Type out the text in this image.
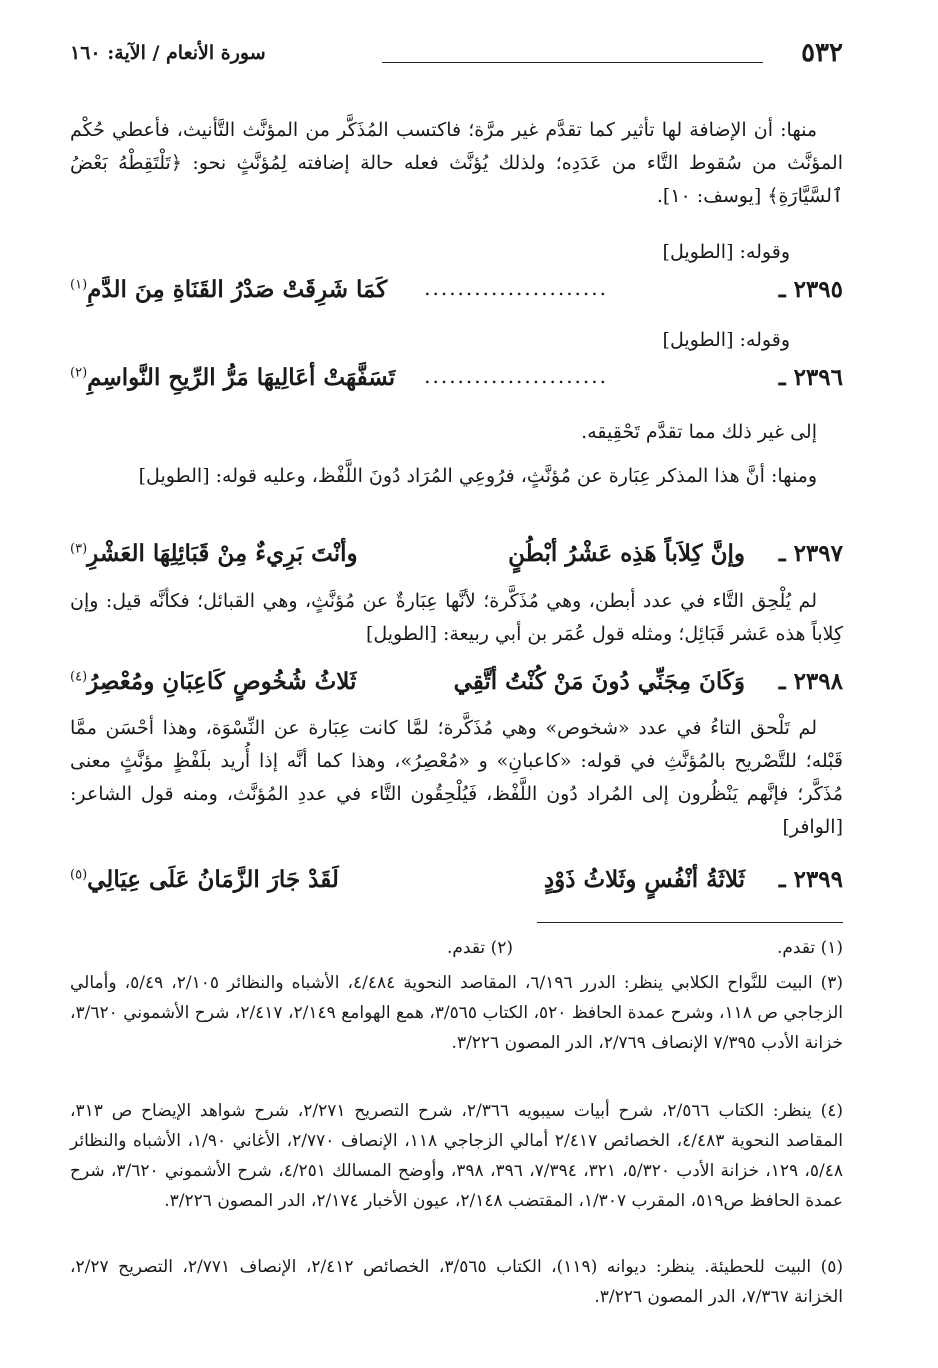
٥٣٢
سورة الأنعام / الآية: ١٦٠

منها: أن الإضافة لها تأثير كما تقدَّم غير مرَّة؛ فاكتسب المُذَكَّر من المؤنَّث التَّأنيث، فأعطي حُكْم المؤنَّث من سُقوط التَّاء من عَدَدِه؛ ولذلك يُؤنَّث فعله حالة إضافته لِمُؤنَّثٍ نحو: ﴿تَلْتَقِطْهُ بَعْضُ ٱلسَّيَّارَةِ﴾ [يوسف: ١٠].

وقوله: [الطويل]
٢٣٩٥ ـ
......................
كَمَا شَرِقَتْ صَدْرُ القَنَاةِ مِنَ الدَّمِ$^{(١)}$
وقوله: [الطويل]
٢٣٩٦ ـ
......................
تَسَفَّهَتْ أعَالِيهَا مَرُّ الرِّيحِ النَّواسِمِ$^{(٢)}$

إلى غير ذلك مما تقدَّم تَحْقِيقه.

ومنها: أنَّ هذا المذكر عِبَارة عن مُؤنَّثٍ، فرُوعِي المُرَاد دُونَ اللَّفْظ، وعليه قوله: [الطويل]

٢٣٩٧ ـ
وإنَّ كِلاَباً هَذِه عَشْرُ أبْطُنٍ
وأنْتَ بَرِيءٌ مِنْ قَبَائِلِهَا العَشْرِ$^{(٣)}$

لم يُلْحِق التَّاء في عدد أبطن، وهي مُذَكَّرة؛ لأنَّها عِبَارةٌ عن مُؤنَّثٍ، وهي القبائل؛ فكأنَّه قيل: وإن كِلاباً هذه عَشر قَبَائِل؛ ومثله قول عُمَر بن أبي ربيعة: [الطويل]

٢٣٩٨ ـ
وَكَانَ مِجَنِّي دُونَ مَنْ كُنْتُ أتَّقِي
ثَلاثُ شُخُوصٍ كَاعِبَانِ ومُعْصِرُ$^{(٤)}$

لم تَلْحق التاءُ في عدد «شخوص» وهي مُذَكَّرة؛ لمَّا كانت عِبَارة عن النِّسْوَة، وهذا أحْسَن ممَّا قَبْله؛ للتَّصْريح بالمُؤنَّثِ في قوله: «كاعبانِ» و «مُعْصِرُ»، وهذا كما أنَّه إذا أُريد بلَفْظٍ مؤنَّثٍ معنى مُذَكَّر؛ فإنَّهم يَنْظُرون إلى المُراد دُون اللَّفْظ، فَيُلْحِقُون التَّاء في عددِ المُؤنَّث، ومنه قول الشاعر: [الوافر]

٢٣٩٩ ـ
ثَلاثَةُ أنْفُسٍ وثَلاثُ ذَوْدٍ
لَقَدْ جَارَ الزَّمَانُ عَلَى عِيَالِي$^{(٥)}$
(١) تقدم.
(٢) تقدم.

(٣) البيت للنَّواح الكلابي ينظر: الدرر ٦/١٩٦، المقاصد النحوية ٤/٤٨٤، الأشباه والنظائر ٢/١٠٥، ٥/٤٩، وأمالي الزجاجي ص ١١٨، وشرح عمدة الحافظ ٥٢٠، الكتاب ٣/٥٦٥، همع الهوامع ٢/١٤٩، ٢/٤١٧، شرح الأشموني ٣/٦٢٠، خزانة الأدب ٧/٣٩٥ الإنصاف ٢/٧٦٩، الدر المصون ٣/٢٢٦.

(٤) ينظر: الكتاب ٢/٥٦٦، شرح أبيات سيبويه ٢/٣٦٦، شرح التصريح ٢/٢٧١، شرح شواهد الإيضاح ص ٣١٣، المقاصد النحوية ٤/٤٨٣، الخصائص ٢/٤١٧ أمالي الزجاجي ١١٨، الإنصاف ٢/٧٧٠، الأغاني ١/٩٠، الأشباه والنظائر ٥/٤٨، ١٢٩، خزانة الأدب ٥/٣٢٠، ٣٢١، ٧/٣٩٤، ٣٩٦، ٣٩٨، وأوضح المسالك ٤/٢٥١، شرح الأشموني ٣/٦٢٠، شرح عمدة الحافظ ص٥١٩، المقرب ١/٣٠٧، المقتضب ٢/١٤٨، عيون الأخبار ٢/١٧٤، الدر المصون ٣/٢٢٦.

(٥) البيت للحطيئة. ينظر: ديوانه (١١٩)، الكتاب ٣/٥٦٥، الخصائص ٢/٤١٢، الإنصاف ٢/٧٧١، التصريح ٢/٢٧، الخزانة ٧/٣٦٧، الدر المصون ٣/٢٢٦.
